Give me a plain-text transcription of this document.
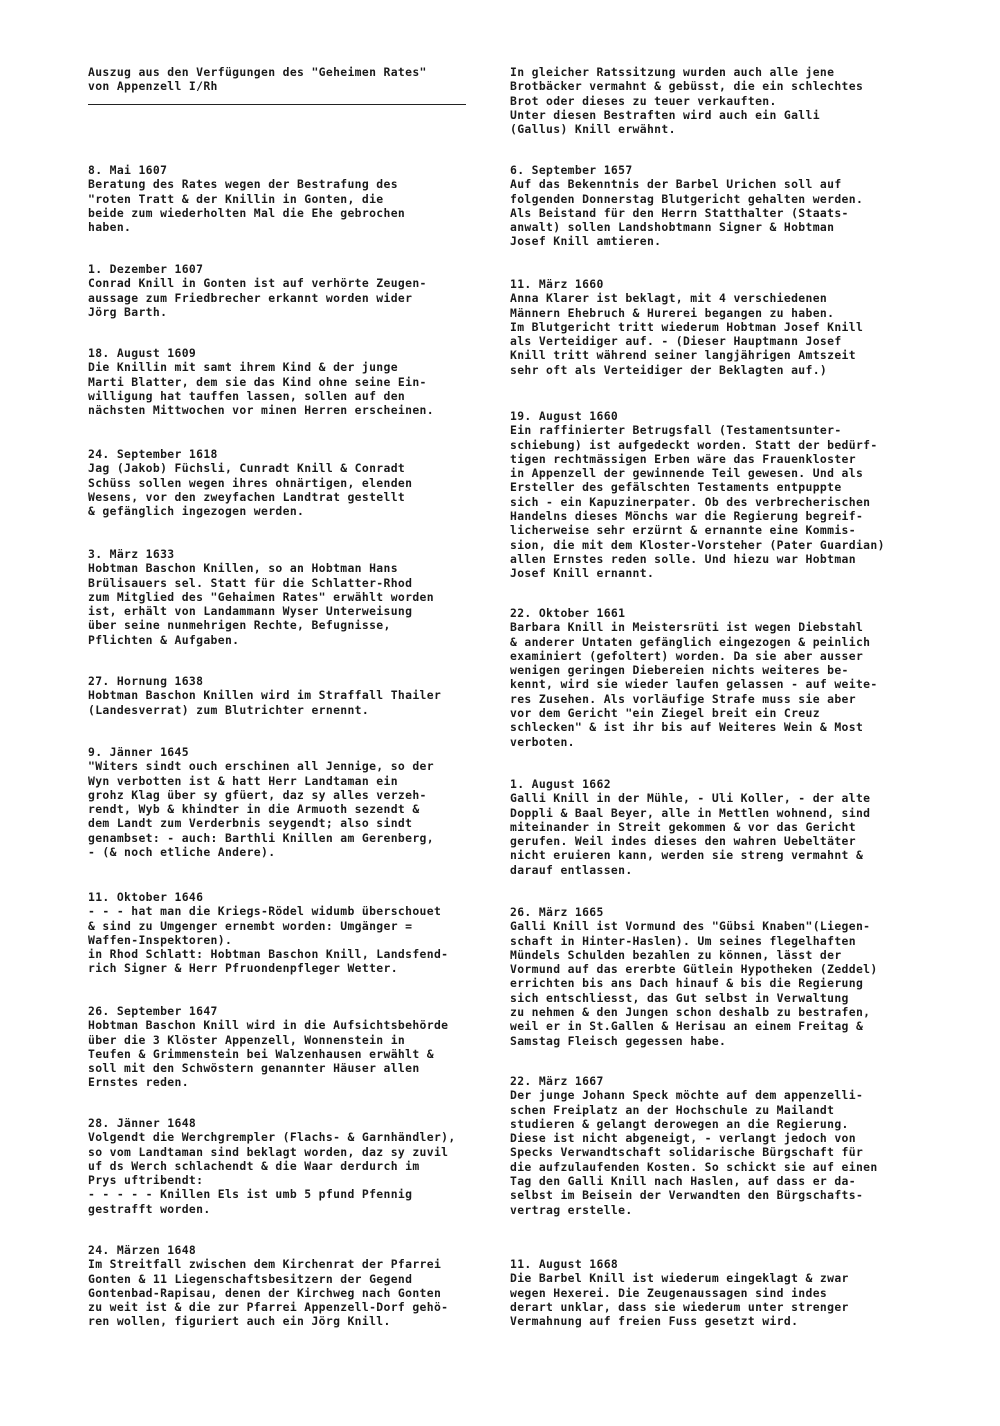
Auszug aus den Verfügungen des "Geheimen Rates"
von Appenzell I/Rh
8. Mai 1607
Beratung des Rates wegen der Bestrafung des
"roten Tratt & der Knillin in Gonten, die
beide zum wiederholten Mal die Ehe gebrochen
haben.
1. Dezember 1607
Conrad Knill in Gonten ist auf verhörte Zeugen-
aussage zum Friedbrecher erkannt worden wider
Jörg Barth.
18. August 1609
Die Knillin mit samt ihrem Kind & der junge
Marti Blatter, dem sie das Kind ohne seine Ein-
willigung hat tauffen lassen, sollen auf den
nächsten Mittwochen vor minen Herren erscheinen.
24. September 1618
Jag (Jakob) Füchsli, Cunradt Knill & Conradt
Schüss sollen wegen ihres ohnärtigen, elenden
Wesens, vor den zweyfachen Landtrat gestellt
& gefänglich ingezogen werden.
3. März 1633
Hobtman Baschon Knillen, so an Hobtman Hans
Brülisauers sel. Statt für die Schlatter-Rhod
zum Mitglied des "Gehaimen Rates" erwählt worden
ist, erhält von Landammann Wyser Unterweisung
über seine nunmehrigen Rechte, Befugnisse,
Pflichten & Aufgaben.
27. Hornung 1638
Hobtman Baschon Knillen wird im Straffall Thailer
(Landesverrat) zum Blutrichter ernennt.
9. Jänner 1645
"Witers sindt ouch erschinen all Jennige, so der
Wyn verbotten ist & hatt Herr Landtaman ein
grohz Klag über sy gfüert, daz sy alles verzeh-
rendt, Wyb & khindter in die Armuoth sezendt &
dem Landt zum Verderbnis seygendt; also sindt
genambset: - auch: Barthli Knillen am Gerenberg,
- (& noch etliche Andere).
11. Oktober 1646
- - - hat man die Kriegs-Rödel widumb überschouet
& sind zu Umgenger ernembt worden: Umgänger =
Waffen-Inspektoren).
in Rhod Schlatt: Hobtman Baschon Knill, Landsfend-
rich Signer & Herr Pfruondenpfleger Wetter.
26. September 1647
Hobtman Baschon Knill wird in die Aufsichtsbehörde
über die 3 Klöster Appenzell, Wonnenstein in
Teufen & Grimmenstein bei Walzenhausen erwählt &
soll mit den Schwöstern genannter Häuser allen
Ernstes reden.
28. Jänner 1648
Volgendt die Werchgrempler (Flachs- & Garnhändler),
so vom Landtaman sind beklagt worden, daz sy zuvil
uf ds Werch schlachendt & die Waar derdurch im
Prys uftribendt:
- - - - - Knillen Els ist umb 5 pfund Pfennig
gestrafft worden.
24. Märzen 1648
Im Streitfall zwischen dem Kirchenrat der Pfarrei
Gonten & 11 Liegenschaftsbesitzern der Gegend
Gontenbad-Rapisau, denen der Kirchweg nach Gonten
zu weit ist & die zur Pfarrei Appenzell-Dorf gehö-
ren wollen, figuriert auch ein Jörg Knill.
In gleicher Ratssitzung wurden auch alle jene
Brotbäcker vermahnt & gebüsst, die ein schlechtes
Brot oder dieses zu teuer verkauften.
Unter diesen Bestraften wird auch ein Galli
(Gallus) Knill erwähnt.
6. September 1657
Auf das Bekenntnis der Barbel Urichen soll auf
folgenden Donnerstag Blutgericht gehalten werden.
Als Beistand für den Herrn Statthalter (Staats-
anwalt) sollen Landshobtmann Signer & Hobtman
Josef Knill amtieren.
11. März 1660
Anna Klarer ist beklagt, mit 4 verschiedenen
Männern Ehebruch & Hurerei begangen zu haben.
Im Blutgericht tritt wiederum Hobtman Josef Knill
als Verteidiger auf. - (Dieser Hauptmann Josef
Knill tritt während seiner langjährigen Amtszeit
sehr oft als Verteidiger der Beklagten auf.)
19. August 1660
Ein raffinierter Betrugsfall (Testamentsunter-
schiebung) ist aufgedeckt worden. Statt der bedürf-
tigen rechtmässigen Erben wäre das Frauenkloster
in Appenzell der gewinnende Teil gewesen. Und als
Ersteller des gefälschten Testaments entpuppte
sich - ein Kapuzinerpater. Ob des verbrecherischen
Handelns dieses Mönchs war die Regierung begreif-
licherweise sehr erzürnt & ernannte eine Kommis-
sion, die mit dem Kloster-Vorsteher (Pater Guardian)
allen Ernstes reden solle. Und hiezu war Hobtman
Josef Knill ernannt.
22. Oktober 1661
Barbara Knill in Meistersrüti ist wegen Diebstahl
& anderer Untaten gefänglich eingezogen & peinlich
examiniert (gefoltert) worden. Da sie aber ausser
wenigen geringen Diebereien nichts weiteres be-
kennt, wird sie wieder laufen gelassen - auf weite-
res Zusehen. Als vorläufige Strafe muss sie aber
vor dem Gericht "ein Ziegel breit ein Creuz
schlecken" & ist ihr bis auf Weiteres Wein & Most
verboten.
1. August 1662
Galli Knill in der Mühle, - Uli Koller, - der alte
Doppli & Baal Beyer, alle in Mettlen wohnend, sind
miteinander in Streit gekommen & vor das Gericht
gerufen. Weil indes dieses den wahren Uebeltäter
nicht eruieren kann, werden sie streng vermahnt &
darauf entlassen.
26. März 1665
Galli Knill ist Vormund des "Gübsi Knaben"(Liegen-
schaft in Hinter-Haslen). Um seines flegelhaften
Mündels Schulden bezahlen zu können, lässt der
Vormund auf das ererbte Gütlein Hypotheken (Zeddel)
errichten bis ans Dach hinauf & bis die Regierung
sich entschliesst, das Gut selbst in Verwaltung
zu nehmen & den Jungen schon deshalb zu bestrafen,
weil er in St.Gallen & Herisau an einem Freitag &
Samstag Fleisch gegessen habe.
22. März 1667
Der junge Johann Speck möchte auf dem appenzelli-
schen Freiplatz an der Hochschule zu Mailandt
studieren & gelangt derowegen an die Regierung.
Diese ist nicht abgeneigt, - verlangt jedoch von
Specks Verwandtschaft solidarische Bürgschaft für
die aufzulaufenden Kosten. So schickt sie auf einen
Tag den Galli Knill nach Haslen, auf dass er da-
selbst im Beisein der Verwandten den Bürgschafts-
vertrag erstelle.
11. August 1668
Die Barbel Knill ist wiederum eingeklagt & zwar
wegen Hexerei. Die Zeugenaussagen sind indes
derart unklar, dass sie wiederum unter strenger
Vermahnung auf freien Fuss gesetzt wird.
